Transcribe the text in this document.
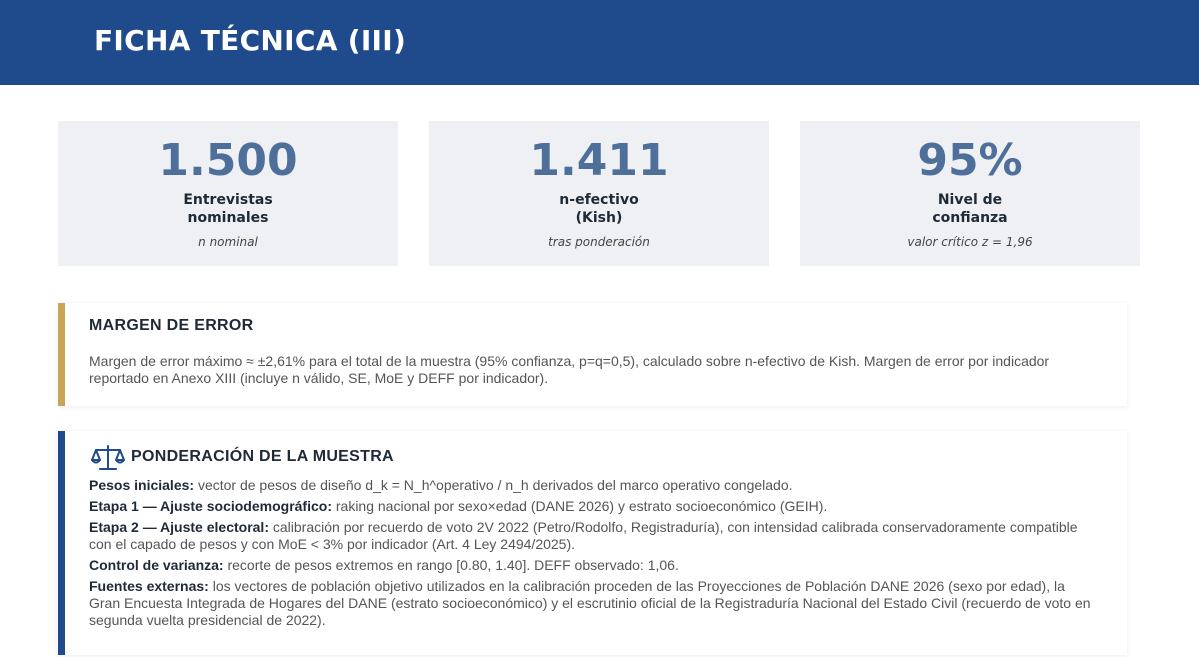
FICHA TÉCNICA (III)
1.500
Entrevistas
nominales
n nominal
1.411
n-efectivo
(Kish)
tras ponderación
95%
Nivel de
confianza
valor crítico z = 1,96
MARGEN DE ERROR
Margen de error máximo ≈ ±2,61% para el total de la muestra (95% confianza, p=q=0,5), calculado sobre n-efectivo de Kish. Margen de error por indicador reportado en Anexo XIII (incluye n válido, SE, MoE y DEFF por indicador).
PONDERACIÓN DE LA MUESTRA
Pesos iniciales: vector de pesos de diseño d_k = N_h^operativo / n_h derivados del marco operativo congelado.
Etapa 1 — Ajuste sociodemográfico: raking nacional por sexo×edad (DANE 2026) y estrato socioeconómico (GEIH).
Etapa 2 — Ajuste electoral: calibración por recuerdo de voto 2V 2022 (Petro/Rodolfo, Registraduría), con intensidad calibrada conservadoramente compatible con el capado de pesos y con MoE < 3% por indicador (Art. 4 Ley 2494/2025).
Control de varianza: recorte de pesos extremos en rango [0.80, 1.40]. DEFF observado: 1,06.
Fuentes externas: los vectores de población objetivo utilizados en la calibración proceden de las Proyecciones de Población DANE 2026 (sexo por edad), la Gran Encuesta Integrada de Hogares del DANE (estrato socioeconómico) y el escrutinio oficial de la Registraduría Nacional del Estado Civil (recuerdo de voto en segunda vuelta presidencial de 2022).
